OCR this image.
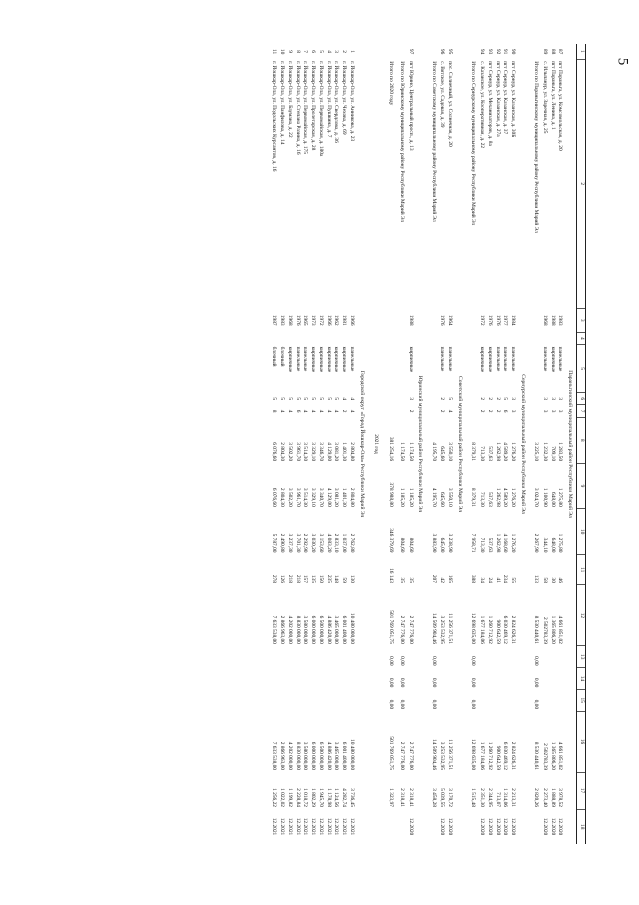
5
1	2	3	4	5	6	7	8	9	10	11	12	13	14	15	16	17	18
Параньгинский муниципальный район Республики Марий Эл																	
87	пгт Параньга, ул. Комсомольская, д. 20	1983		панельные	3	3	1 283,50	1 275,80	1 275,80	46	4 661 851,02				4 661 851,02	3 978,52	12.2020
88	пгт Параньга, ул. Ленина, д. 1	1988		кирпичные	3	3	709,10	648,00	648,00	30	1 365 806,20				1 365 806,20	1 888,89	12.2020
89	с. Ильпанур, ул. Заречная, д. 25	1968		панельные	3	3	1 232,30	1 100,90	344,10	58	2 502783,39				2 502783,39	2 273,40	12.2020
	Итого по Параньгинскому муниципальному району Республики Марий Эл						3 225,10	3 024,70	2 267,90	133	8 530 440,61	0,00	0,00	0,00	8 530 440,61	2 820,26	
Сернурский муниципальный район Республики Марий Эл																	
90	пгт Сернур, ул. Казанская, д. 30Б	1984		панельные	3	3	1 276,20	1 276,20	1 276,20	55	2 824 626,31				2 824 626,31	2 213,31	12.2020
91	пгт Сернур, ул. Казанская, д. 37	1977		панельные	5	6	4 589,20	4 589,20	4 168,60	234	6 030 469,12				6 030 469,12	1 314,06	12.2020
92	пгт Сернур, ул. Казанская, д. 27а	1976		панельные	2	2	1 262,98	1 262,98	1 262,98	41	900 642,59				900 642,59	713,07	12.2020
93	пгт Сернур, ул. Механизаторов, д. 8а	1976		кирпичные	2	2	537,63	537,63	537,63	24	1 260 712,92				1 260 712,92	2 344,95	12.2020
94	с. Казанское, ул. Кооперативная, д. 22	1972		кирпичные	2	2	713,30	713,30	713,30	34	1 677 184,06				1 677 184,06	2 351,30	12.2020
	Итого по Сернурскому муниципальному району Республики Марий Эл						8 379,31	8 379,31	7 958,71	388	12 698 635,00	0,00	0,00	0,00	12 698 635,00	1 515,48	
Советский муниципальный район Республики Марий Эл																	
95	пос. Солнечный, ул. Солнечная, д. 20	1964		панельные	5	4	3 550,10	3 550,10	3 238,90	165	11 256 371,51				11 256 371,51	3 170,72	12.2020
96	с. Вятское, ул. Садовая, д. 39	1976		панельные	2	2	645,60	645,60	645,00	42	3 253 532,95				3 253 532,95	5 039,55	12.2020
	Итого по Советскому муниципальному району Республики Марий Эл						4 195,70	4 195,70	3 883,90	207	14 509 904,46	0,00	0,00	0,00	14 509 904,46	3 458,28	
Юринский муниципальный район Республики Марий Эл																	
97	пгт Юрино, Центральный просп., д. 13	1988		кирпичные	3	2	1 174,50	1 185,20	804,60	35	2 747 776,00				2 747 776,00	2 318,41	12.2020
	Итого по Юринскому муниципальному району Республики Марий Эл						1 174,50	1 185,20	804,60	35	2 747 776,00	0,00	0,00	0,00	2 747 776,00	2 318,41	
	Итого по 2020 году						381 254,16	378 988,80	346 379,69	16 143	501 769 051,75	0,00	0,00	0,00	501 769 051,75	1 323,97	
2021 год																	
Городской округ «Город Йошкар-Ола» Республики Марий Эл																	
1	г. Йошкар-Ола, ул. Анникова, д. 23	1966		панельные	4	4	2 804,80	2 804,80	2 762,80	130	10 480 000,00				10 480 000,00	3 736,45	12.2021
2	г. Йошкар-Ола, ул. Чехова, д. 69	1981		кирпичные	4	2	1 401,30	1 401,30	1 037,00	59	6 001 400,00				6 001 400,00	4 282,74	12.2021
3	г. Йошкар-Ола, ул. Свердлова, д. 36	1962		кирпичные	5	4	3 081,20	3 081,20	2 833,10	148	3 465 000,00				3 465 000,00	1 124,56	12.2021
4	г. Йошкар-Ола, ул. Пушкина, д. 7	1966		кирпичные	5	4	4 129,00	4 129,00	4 083,20	235	4 886 420,00				4 886 420,00	1 178,98	12.2021
5	г. Йошкар-Ола, ул. Первомайская, д. 180а	1972		кирпичные	5	4	3 346,70	3 340,70	3 153,60	150	6 500 000,00				6 500 000,00	1 945,70	12.2021
6	г. Йошкар-Ола, ул. Пролетарская, д. 28	1973		кирпичные	5	4	3 329,10	3 329,10	3 030,20	135	6 000 000,00				6 000 000,00	1 802,29	12.2021
7	г. Йошкар-Ола, ул. Первомайская, д. 175	1965		панельные	5	4	3 514,30	3 514,30	2 292,90	157	3 580 000,00				3 580 000,00	1 018,72	12.2021
8	г. Йошкар-Ола, ул. Степана Разина, д. 16	1976		панельные	5	6	3 961,70	3 961,70	3 701,30	218	8 830 000,00				8 830 000,00	2 228,84	12.2021
9	г. Йошкар-Ола, ул. Баумана, д. 22	1968		кирпичные	5	4	3 502,20	3 502,20	3 237,30	218	4 202 000,00				4 202 000,00	1 199,82	12.2021
10	г. Йошкар-Ола, ул. Панфилова, д. 14	1983		блочный	5	4	2 804,30	2 804,30	2 490,80	126	2 866 963,00				2 866 963,00	1 022,02	12.2021
11	г. Йошкар-Ола, ул. Подольских Курсантов, д. 16	1987		блочный	5	8	6 076,60	6 076,60	5 787,00	278	7 633 538,00				7 633 538,00	1 256,22	12.2021
